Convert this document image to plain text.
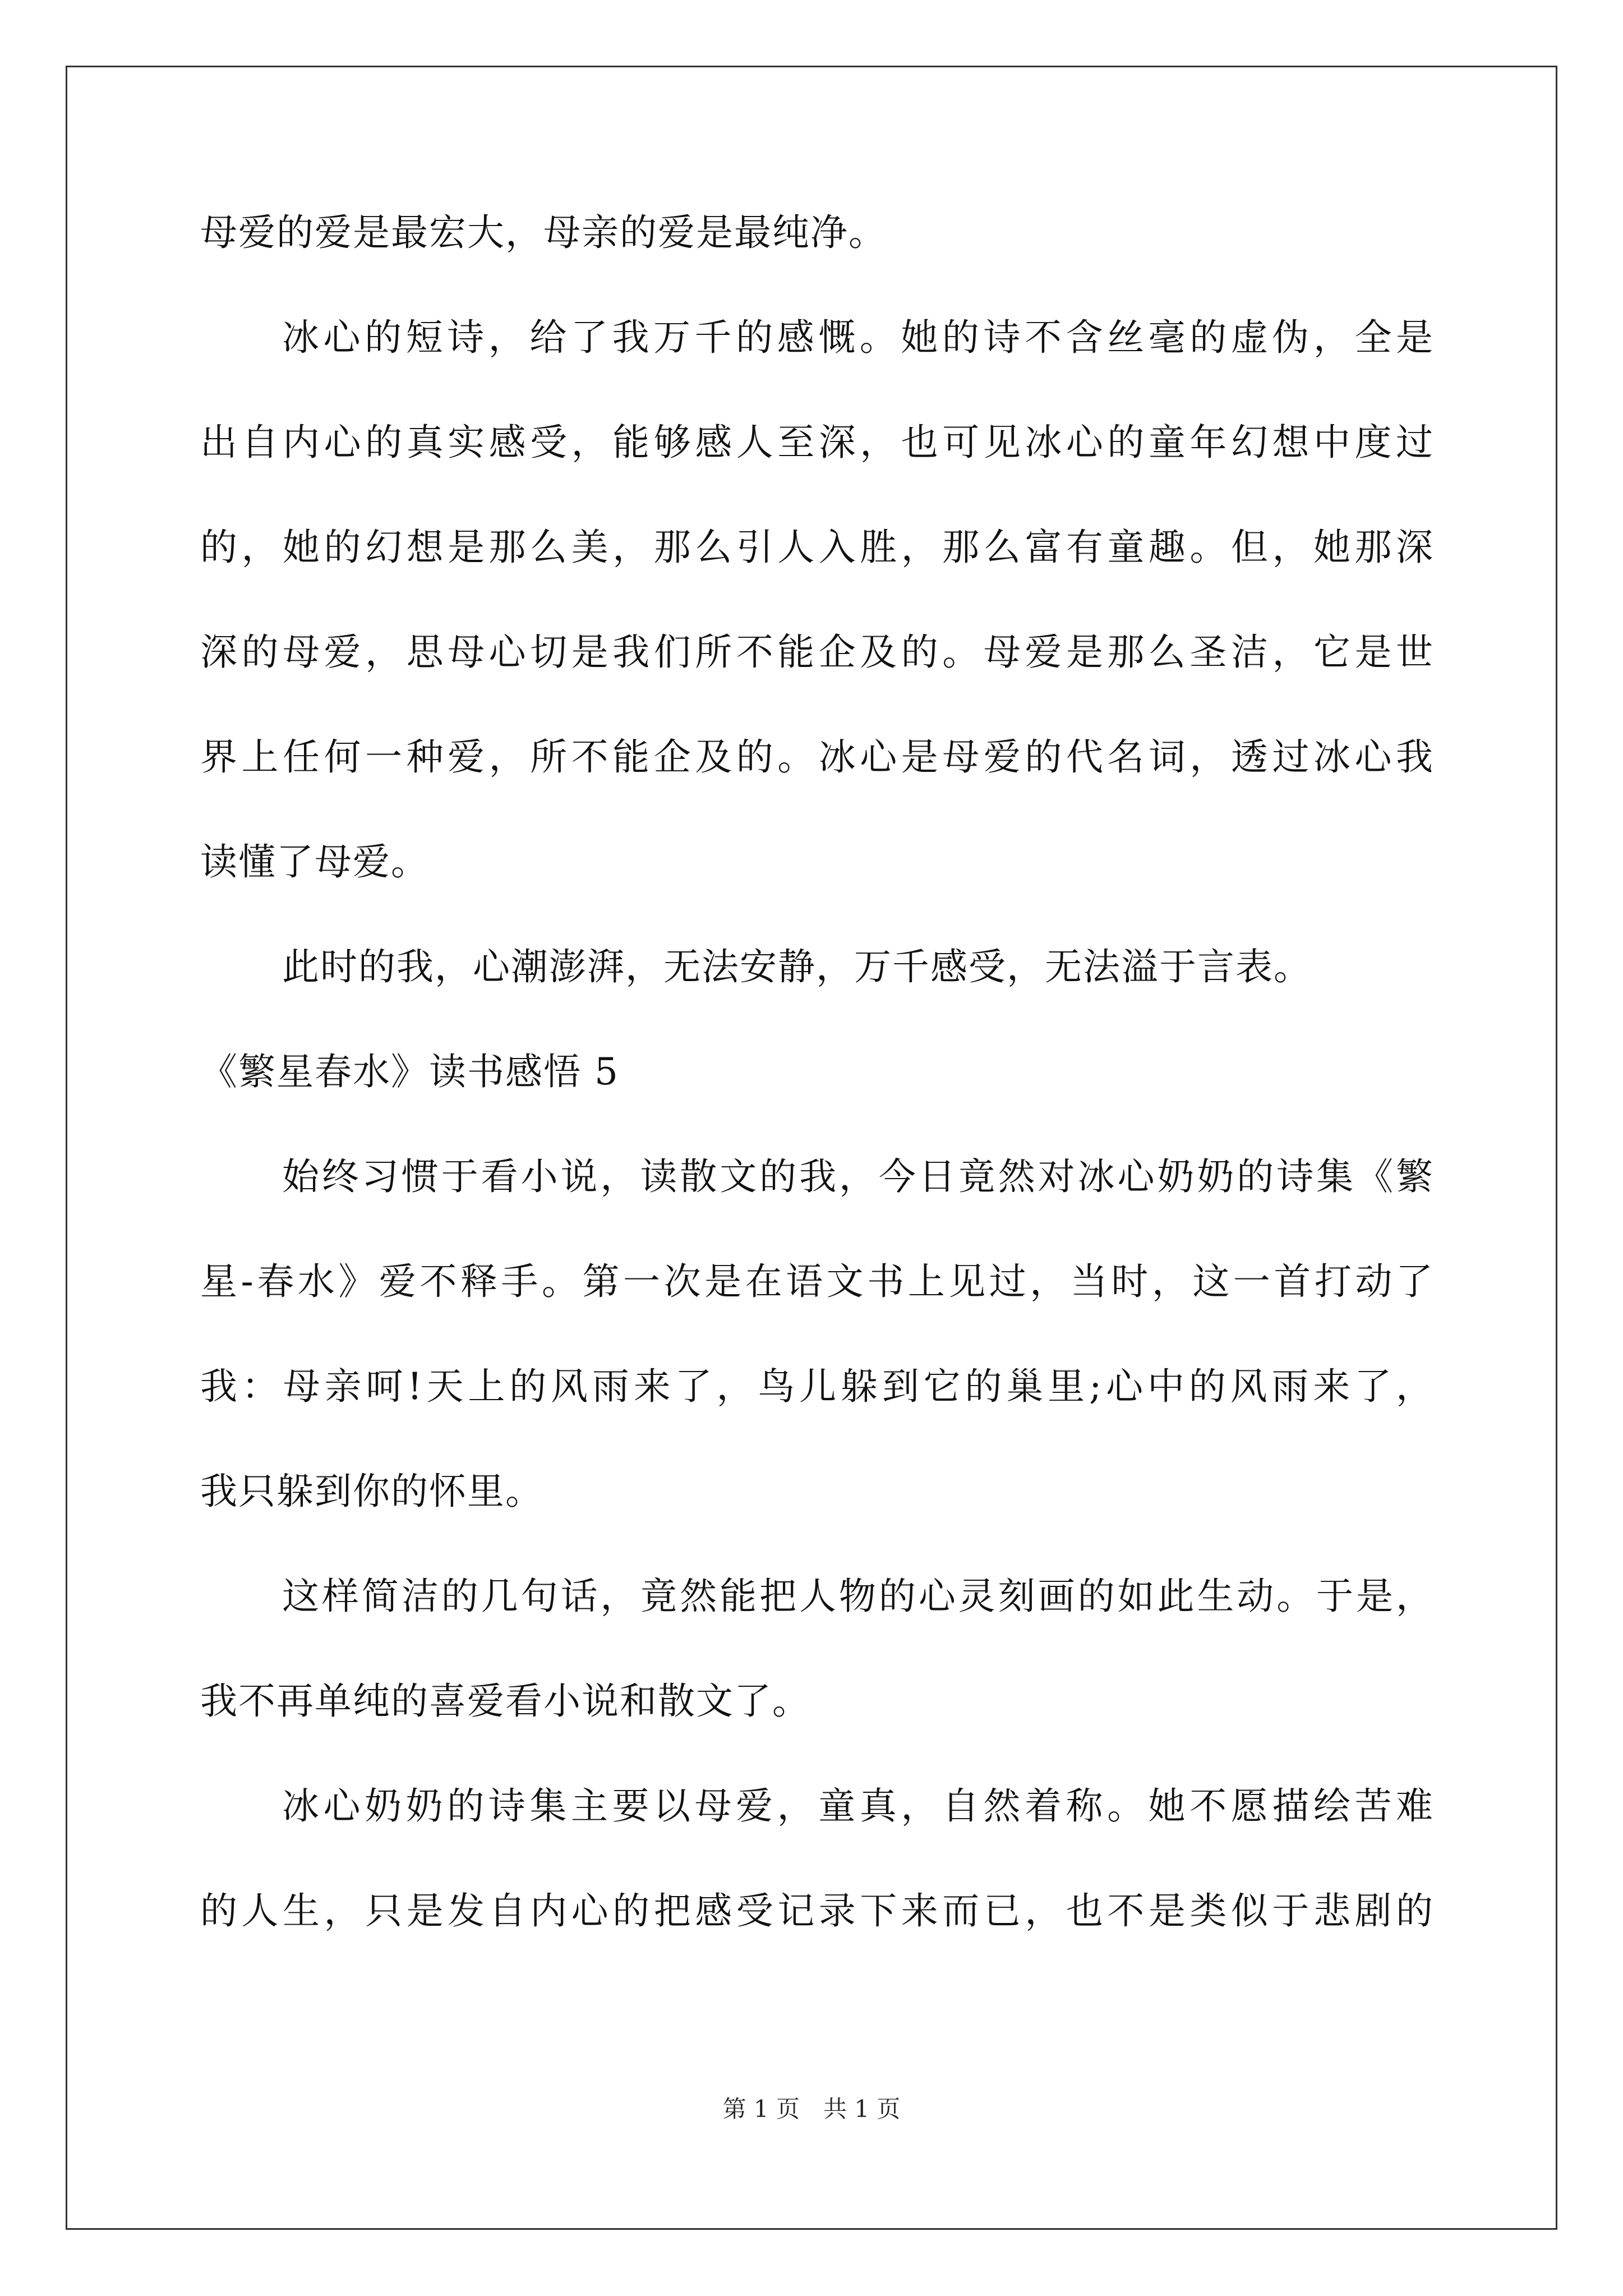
母爱的爱是最宏大，母亲的爱是最纯净。
冰心的短诗，给了我万千的感慨。她的诗不含丝毫的虚伪，全是
出自内心的真实感受，能够感人至深，也可见冰心的童年幻想中度过
的，她的幻想是那么美，那么引人入胜，那么富有童趣。但，她那深
深的母爱，思母心切是我们所不能企及的。母爱是那么圣洁，它是世
界上任何一种爱，所不能企及的。冰心是母爱的代名词，透过冰心我
读懂了母爱。
此时的我，心潮澎湃，无法安静，万千感受，无法溢于言表。
《繁星春水》读书感悟 5
始终习惯于看小说，读散文的我，今日竟然对冰心奶奶的诗集《繁
星-春水》爱不释手。第一次是在语文书上见过，当时，这一首打动了
我：母亲呵!天上的风雨来了，鸟儿躲到它的巢里;心中的风雨来了，
我只躲到你的怀里。
这样简洁的几句话，竟然能把人物的心灵刻画的如此生动。于是，
我不再单纯的喜爱看小说和散文了。
冰心奶奶的诗集主要以母爱，童真，自然着称。她不愿描绘苦难
的人生，只是发自内心的把感受记录下来而已，也不是类似于悲剧的
第 1 页　共 1 页
